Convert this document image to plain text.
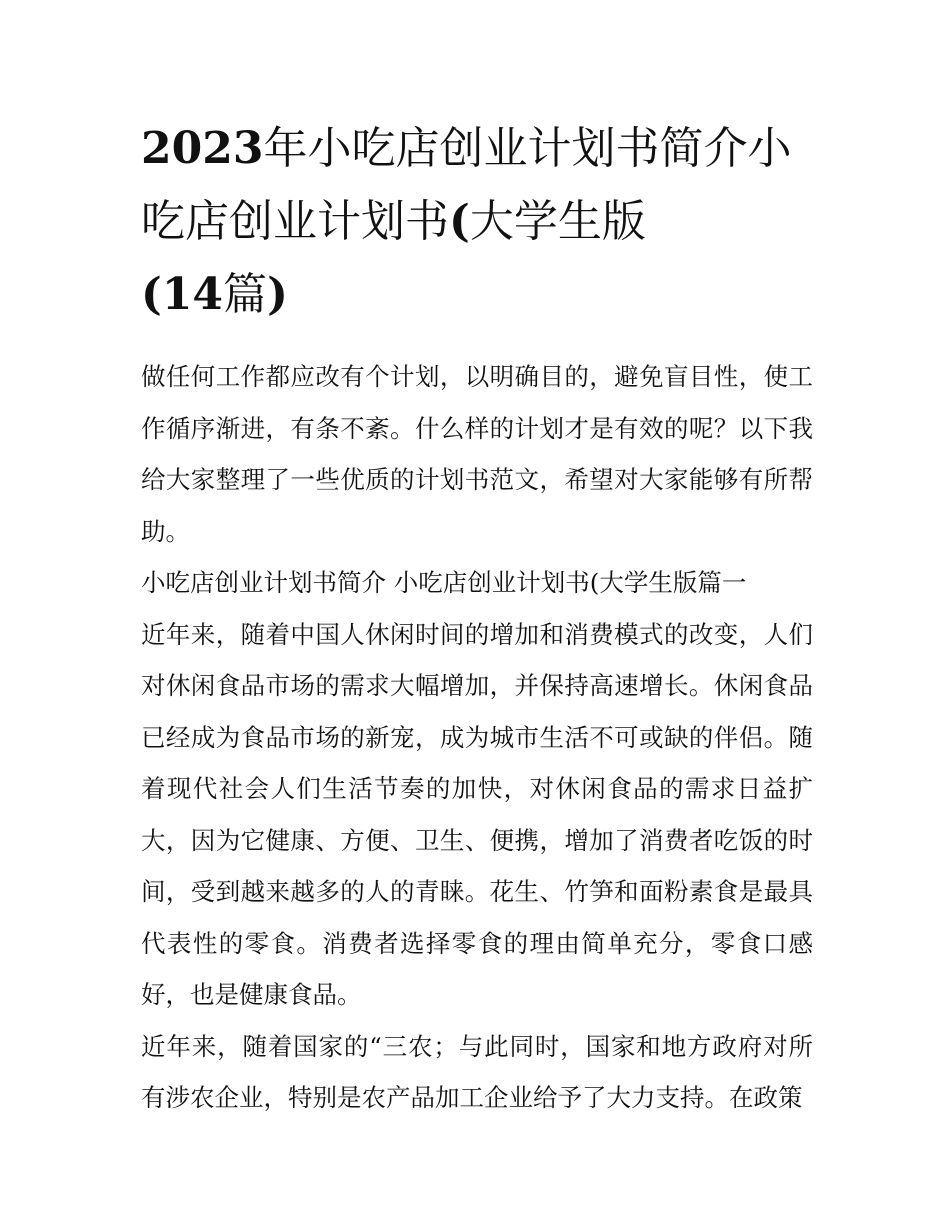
2023年小吃店创业计划书简介小吃店创业计划书(大学生版
(14篇)

做任何工作都应改有个计划，以明确目的，避免盲目性，使工作循序渐进，有条不紊。什么样的计划才是有效的呢？以下我给大家整理了一些优质的计划书范文，希望对大家能够有所帮助。

小吃店创业计划书简介 小吃店创业计划书(大学生版篇一

近年来，随着中国人休闲时间的增加和消费模式的改变，人们对休闲食品市场的需求大幅增加，并保持高速增长。休闲食品已经成为食品市场的新宠，成为城市生活不可或缺的伴侣。随着现代社会人们生活节奏的加快，对休闲食品的需求日益扩大，因为它健康、方便、卫生、便携，增加了消费者吃饭的时间，受到越来越多的人的青睐。花生、竹笋和面粉素食是最具代表性的零食。消费者选择零食的理由简单充分，零食口感好，也是健康食品。

近年来，随着国家的“三农；与此同时，国家和地方政府对所有涉农企业，特别是农产品加工企业给予了大力支持。在政策
